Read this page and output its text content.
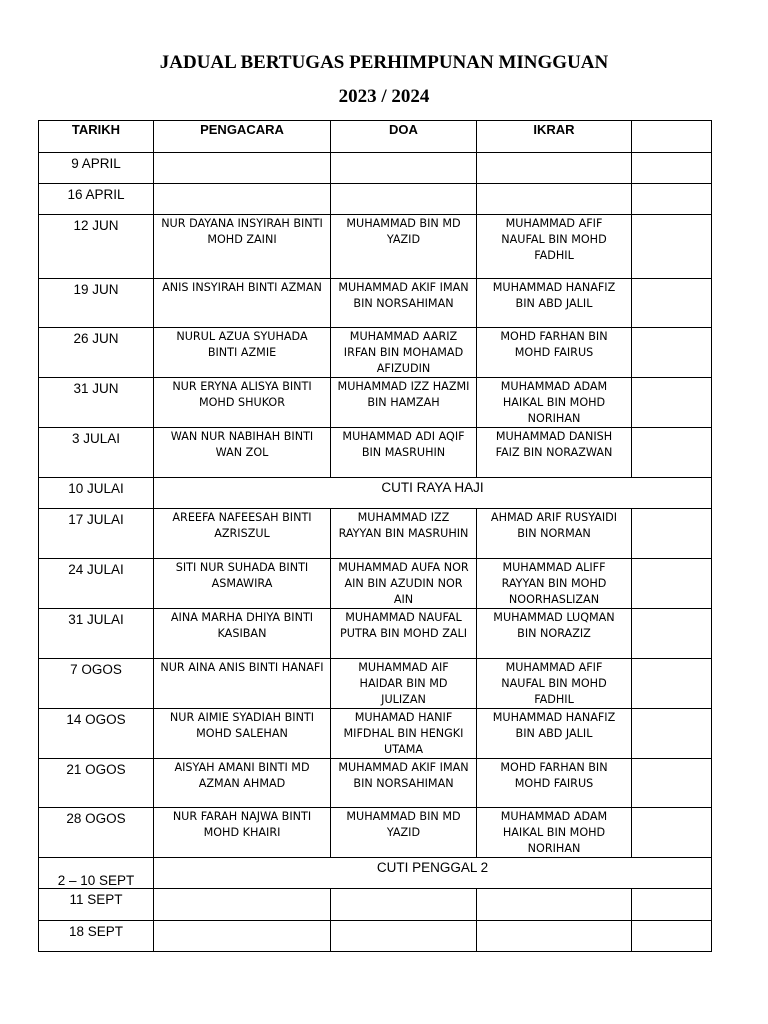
JADUAL BERTUGAS PERHIMPUNAN MINGGUAN
2023 / 2024
TARIKH	PENGACARA	DOA	IKRAR	
9 APRIL				
16 APRIL				
12 JUN	NUR DAYANA INSYIRAH BINTI MOHD ZAINI	MUHAMMAD BIN MD YAZID	MUHAMMAD AFIF NAUFAL BIN MOHD FADHIL	
19 JUN	ANIS INSYIRAH BINTI AZMAN	MUHAMMAD AKIF IMAN BIN NORSAHIMAN	MUHAMMAD HANAFIZ BIN ABD JALIL	
26 JUN	NURUL AZUA SYUHADA BINTI AZMIE	MUHAMMAD AARIZ IRFAN BIN MOHAMAD AFIZUDIN	MOHD FARHAN BIN MOHD FAIRUS	
31 JUN	NUR ERYNA ALISYA BINTI MOHD SHUKOR	MUHAMMAD IZZ HAZMI BIN HAMZAH	MUHAMMAD ADAM HAIKAL BIN MOHD NORIHAN	
3 JULAI	WAN NUR NABIHAH BINTI WAN ZOL	MUHAMMAD ADI AQIF BIN MASRUHIN	MUHAMMAD DANISH FAIZ BIN NORAZWAN	
10 JULAI	CUTI RAYA HAJI			
17 JULAI	AREEFA NAFEESAH BINTI AZRISZUL	MUHAMMAD IZZ RAYYAN BIN MASRUHIN	AHMAD ARIF RUSYAIDI BIN NORMAN	
24 JULAI	SITI NUR SUHADA BINTI ASMAWIRA	MUHAMMAD AUFA NOR AIN BIN AZUDIN NOR AIN	MUHAMMAD ALIFF RAYYAN BIN MOHD NOORHASLIZAN	
31 JULAI	AINA MARHA DHIYA BINTI KASIBAN	MUHAMMAD NAUFAL PUTRA BIN MOHD ZALI	MUHAMMAD LUQMAN BIN NORAZIZ	
7 OGOS	NUR AINA ANIS BINTI HANAFI	MUHAMMAD AIF HAIDAR BIN MD JULIZAN	MUHAMMAD AFIF NAUFAL BIN MOHD FADHIL	
14 OGOS	NUR AIMIE SYADIAH BINTI MOHD SALEHAN	MUHAMAD HANIF MIFDHAL BIN HENGKI UTAMA	MUHAMMAD HANAFIZ BIN ABD JALIL	
21 OGOS	AISYAH AMANI BINTI MD AZMAN AHMAD	MUHAMMAD AKIF IMAN BIN NORSAHIMAN	MOHD FARHAN BIN MOHD FAIRUS	
28 OGOS	NUR FARAH NAJWA BINTI MOHD KHAIRI	MUHAMMAD BIN MD YAZID	MUHAMMAD ADAM HAIKAL BIN MOHD NORIHAN	
2 – 10 SEPT	CUTI PENGGAL 2			
11 SEPT				
18 SEPT				
